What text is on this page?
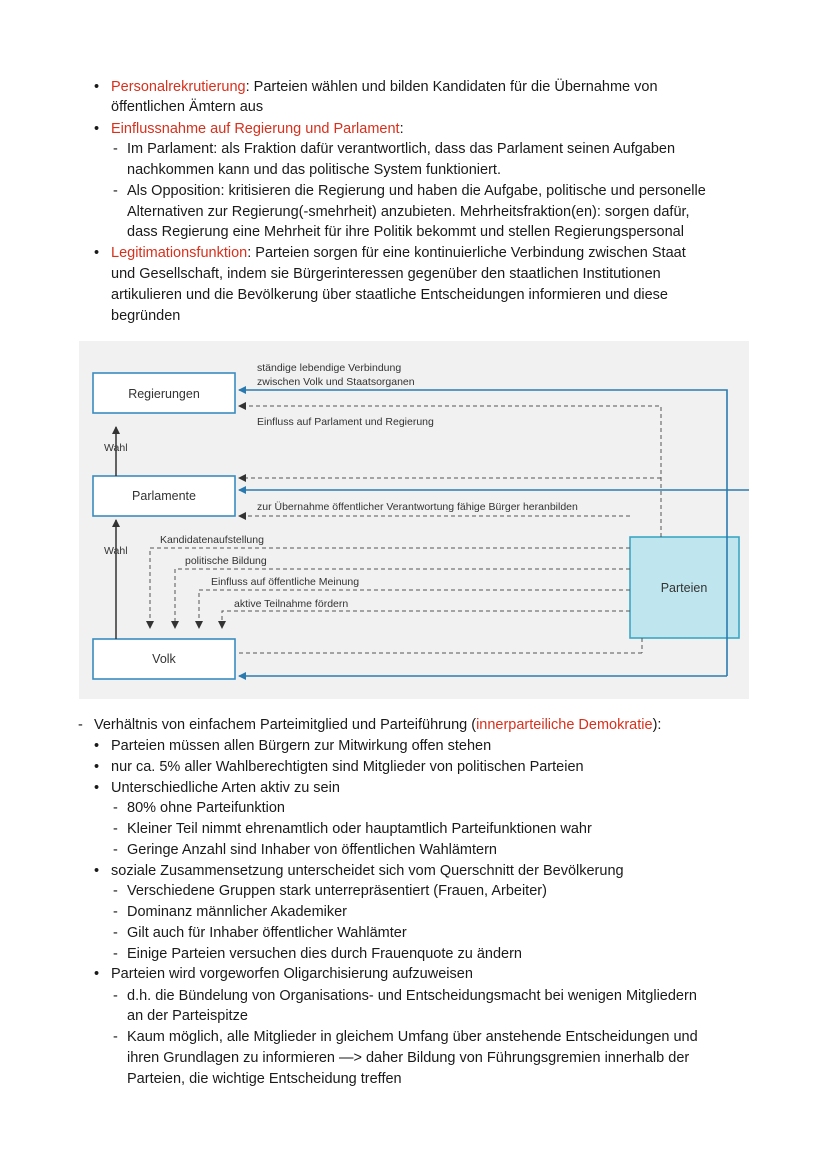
• Personalrekrutierung: Parteien wählen und bilden Kandidaten für die Übernahme von
öffentlichen Ämtern aus
• Einflussnahme auf Regierung und Parlament:
- Im Parlament: als Fraktion dafür verantwortlich, dass das Parlament seinen Aufgaben
nachkommen kann und das politische System funktioniert.
- Als Opposition: kritisieren die Regierung und haben die Aufgabe, politische und personelle
Alternativen zur Regierung(-smehrheit) anzubieten. Mehrheitsfraktion(en): sorgen dafür,
dass Regierung eine Mehrheit für ihre Politik bekommt und stellen Regierungspersonal
• Legitimationsfunktion: Parteien sorgen für eine kontinuierliche Verbindung zwischen Staat
und Gesellschaft, indem sie Bürgerinteressen gegenüber den staatlichen Institutionen
artikulieren und die Bevölkerung über staatliche Entscheidungen informieren und diese
begründen
Regierungen
Parlamente
Volk
Parteien
Wahl
Wahl
ständige lebendige Verbindung
zwischen Volk und Staatsorganen
Einfluss auf Parlament und Regierung
zur Übernahme öffentlicher Verantwortung fähige Bürger heranbilden
Kandidatenaufstellung
politische Bildung
Einfluss auf öffentliche Meinung
aktive Teilnahme fördern
- Verhältnis von einfachem Parteimitglied und Parteiführung (innerparteiliche Demokratie):
• Parteien müssen allen Bürgern zur Mitwirkung offen stehen
• nur ca. 5% aller Wahlberechtigten sind Mitglieder von politischen Parteien
• Unterschiedliche Arten aktiv zu sein
- 80% ohne Parteifunktion
- Kleiner Teil nimmt ehrenamtlich oder hauptamtlich Parteifunktionen wahr
- Geringe Anzahl sind Inhaber von öffentlichen Wahlämtern
• soziale Zusammensetzung unterscheidet sich vom Querschnitt der Bevölkerung
- Verschiedene Gruppen stark unterrepräsentiert (Frauen, Arbeiter)
- Dominanz männlicher Akademiker
- Gilt auch für Inhaber öffentlicher Wahlämter
- Einige Parteien versuchen dies durch Frauenquote zu ändern
• Parteien wird vorgeworfen Oligarchisierung aufzuweisen
- d.h. die Bündelung von Organisations- und Entscheidungsmacht bei wenigen Mitgliedern
an der Parteispitze
- Kaum möglich, alle Mitglieder in gleichem Umfang über anstehende Entscheidungen und
ihren Grundlagen zu informieren —> daher Bildung von Führungsgremien innerhalb der
Parteien, die wichtige Entscheidung treffen
